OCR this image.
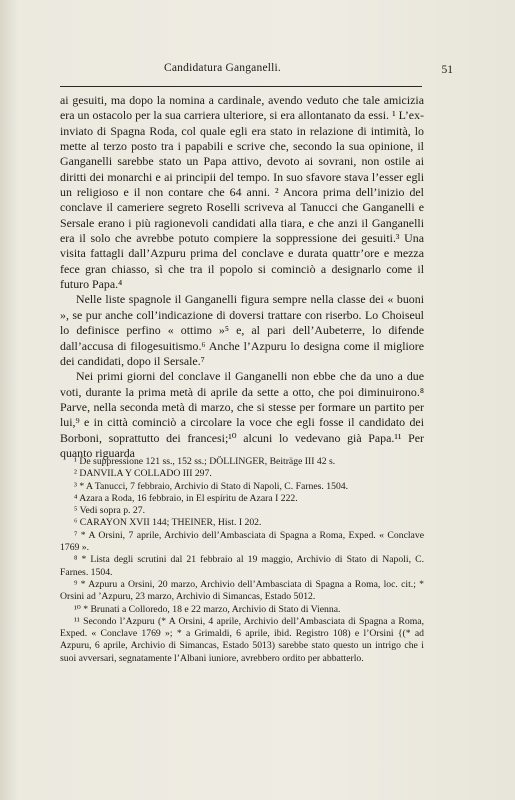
Candidatura Ganganelli.	51

ai gesuiti, ma dopo la nomina a cardinale, avendo veduto che tale amicizia era un ostacolo per la sua carriera ulteriore, si era allontanato da essi. ¹ L’ex-inviato di Spagna Roda, col quale egli era stato in relazione di intimità, lo mette al terzo posto tra i papabili e scrive che, secondo la sua opinione, il Ganganelli sarebbe stato un Papa attivo, devoto ai sovrani, non ostile ai diritti dei monarchi e ai principii del tempo. In suo sfavore stava l’esser egli un religioso e il non contare che 64 anni. ² Ancora prima dell’inizio del conclave il cameriere segreto Roselli scriveva al Tanucci che Ganganelli e Sersale erano i più ragionevoli candidati alla tiara, e che anzi il Ganganelli era il solo che avrebbe potuto compiere la soppressione dei gesuiti.³ Una visita fattagli dall’Azpuru prima del conclave e durata quattr’ore e mezza fece gran chiasso, sì che tra il popolo si cominciò a designarlo come il futuro Papa.⁴

Nelle liste spagnole il Ganganelli figura sempre nella classe dei « buoni », se pur anche coll’indicazione di doversi trattare con riserbo. Lo Choiseul lo definisce perfino « ottimo »⁵ e, al pari dell’Aubeterre, lo difende dall’accusa di filogesuitismo.⁶ Anche l’Azpuru lo designa come il migliore dei candidati, dopo il Sersale.⁷

Nei primi giorni del conclave il Ganganelli non ebbe che da uno a due voti, durante la prima metà di aprile da sette a otto, che poi diminuirono.⁸ Parve, nella seconda metà di marzo, che si stesse per formare un partito per lui,⁹ e in città cominciò a circolare la voce che egli fosse il candidato dei Borboni, soprattutto dei francesi;¹⁰ alcuni lo vedevano già Papa.¹¹ Per quanto riguarda

¹ De suppressione 121 ss., 152 ss.; DÖLLINGER, Beiträge III 42 s.

² DANVILA Y COLLADO III 297.

³ * A Tanucci, 7 febbraio, Archivio di Stato di Napoli, C. Farnes. 1504.

⁴ Azara a Roda, 16 febbraio, in El espíritu de Azara I 222.

⁵ Vedi sopra p. 27.

⁶ CARAYON XVII 144; THEINER, Hist. I 202.

⁷ * A Orsini, 7 aprile, Archivio dell’Ambasciata di Spagna a Roma, Exped. « Conclave 1769 ».

⁸ * Lista degli scrutini dal 21 febbraio al 19 maggio, Archivio di Stato di Napoli, C. Farnes. 1504.

⁹ * Azpuru a Orsini, 20 marzo, Archivio dell’Ambasciata di Spagna a Roma, loc. cit.; * Orsini ad ’Azpuru, 23 marzo, Archivio di Simancas, Estado 5012.

¹⁰ * Brunati a Colloredo, 18 e 22 marzo, Archivio di Stato di Vienna.

¹¹ Secondo l’Azpuru (* A Orsini, 4 aprile, Archivio dell’Ambasciata di Spagna a Roma, Exped. « Conclave 1769 »; * a Grimaldi, 6 aprile, ibid. Registro 108) e l’Orsini {(* ad Azpuru, 6 aprile, Archivio di Simancas, Estado 5013) sarebbe stato questo un intrigo che i suoi avversari, segnatamente l’Albani iuniore, avrebbero ordito per abbatterlo.
